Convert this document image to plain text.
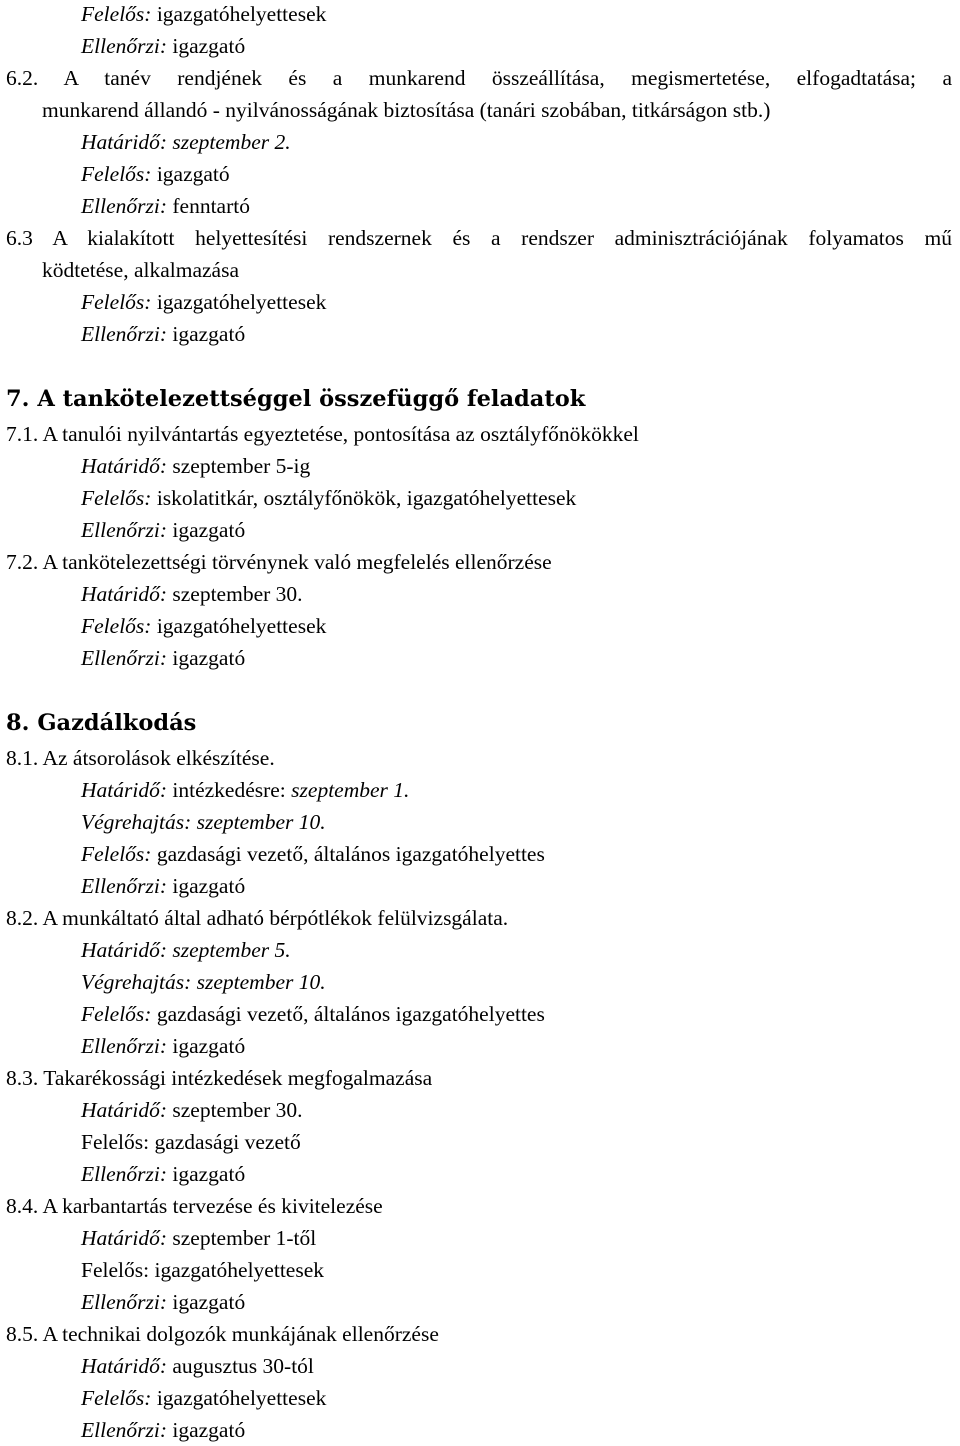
Felelős: igazgatóhelyettesek
Ellenőrzi: igazgató
6.2. A tanév rendjének és a munkarend összeállítása, megismertetése, elfogadtatása; a
munkarend állandó - nyilvánosságának biztosítása (tanári szobában, titkárságon stb.)
Határidő: szeptember 2.
Felelős: igazgató
Ellenőrzi: fenntartó
6.3 A kialakított helyettesítési rendszernek és a rendszer adminisztrációjának folyamatos mű
ködtetése, alkalmazása
Felelős: igazgatóhelyettesek
Ellenőrzi: igazgató
7. A tankötelezettséggel összefüggő feladatok
7.1. A tanulói nyilvántartás egyeztetése, pontosítása az osztályfőnökökkel
Határidő: szeptember 5-ig
Felelős: iskolatitkár, osztályfőnökök, igazgatóhelyettesek
Ellenőrzi: igazgató
7.2. A tankötelezettségi törvénynek való megfelelés ellenőrzése
Határidő: szeptember 30.
Felelős: igazgatóhelyettesek
Ellenőrzi: igazgató
8. Gazdálkodás
8.1. Az átsorolások elkészítése.
Határidő: intézkedésre: szeptember 1.
Végrehajtás: szeptember 10.
Felelős: gazdasági vezető, általános igazgatóhelyettes
Ellenőrzi: igazgató
8.2. A munkáltató által adható bérpótlékok felülvizsgálata.
Határidő: szeptember 5.
Végrehajtás: szeptember 10.
Felelős: gazdasági vezető, általános igazgatóhelyettes
Ellenőrzi: igazgató
8.3. Takarékossági intézkedések megfogalmazása
Határidő: szeptember 30.
Felelős: gazdasági vezető
Ellenőrzi: igazgató
8.4. A karbantartás tervezése és kivitelezése
Határidő: szeptember 1-től
Felelős: igazgatóhelyettesek
Ellenőrzi: igazgató
8.5. A technikai dolgozók munkájának ellenőrzése
Határidő: augusztus 30-tól
Felelős: igazgatóhelyettesek
Ellenőrzi: igazgató
